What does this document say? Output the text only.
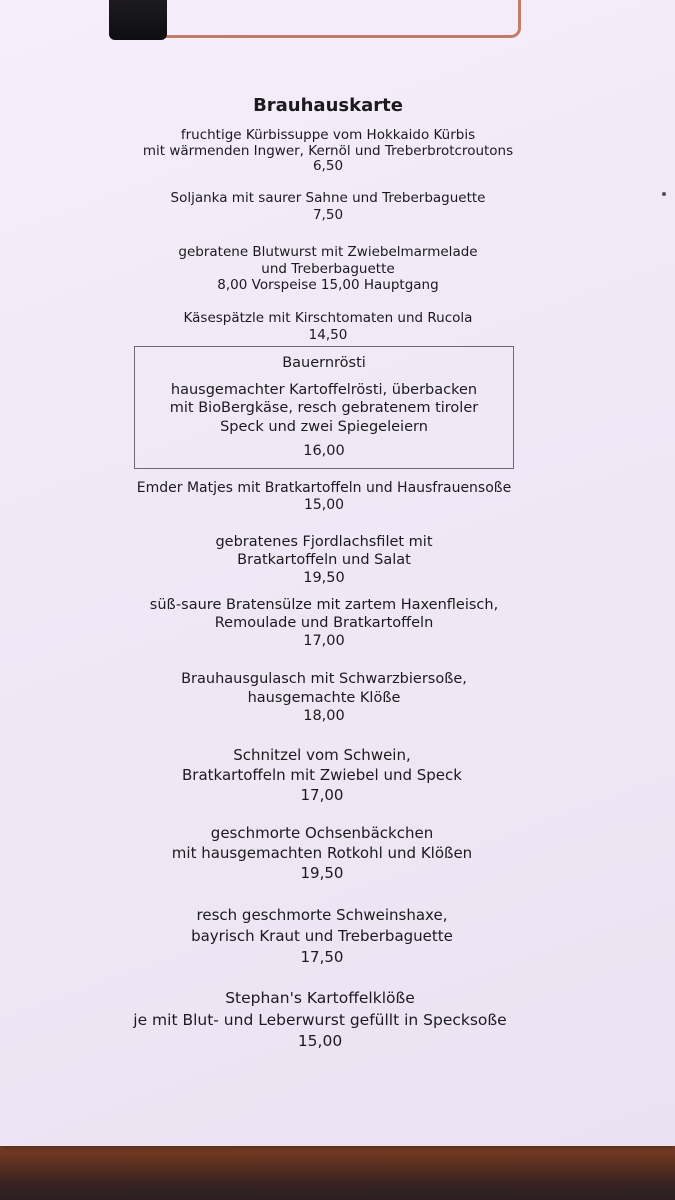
Brauhauskarte
fruchtige Kürbissuppe vom Hokkaido Kürbis
mit wärmenden Ingwer, Kernöl und Treberbrotcroutons
6,50
Soljanka mit saurer Sahne und Treberbaguette
7,50
gebratene Blutwurst mit Zwiebelmarmelade
und Treberbaguette
8,00 Vorspeise 15,00 Hauptgang
Käsespätzle mit Kirschtomaten und Rucola
14,50
Bauernrösti
hausgemachter Kartoffelrösti, überbacken
mit BioBergkäse, resch gebratenem tiroler
Speck und zwei Spiegeleiern
16,00
Emder Matjes mit Bratkartoffeln und Hausfrauensoße
15,00
gebratenes Fjordlachsfilet mit
Bratkartoffeln und Salat
19,50
süß-saure Bratensülze mit zartem Haxenfleisch,
Remoulade und Bratkartoffeln
17,00
Brauhausgulasch mit Schwarzbiersoße,
hausgemachte Klöße
18,00
Schnitzel vom Schwein,
Bratkartoffeln mit Zwiebel und Speck
17,00
geschmorte Ochsenbäckchen
mit hausgemachten Rotkohl und Klößen
19,50
resch geschmorte Schweinshaxe,
bayrisch Kraut und Treberbaguette
17,50
Stephan's Kartoffelklöße
je mit Blut- und Leberwurst gefüllt in Specksoße
15,00
